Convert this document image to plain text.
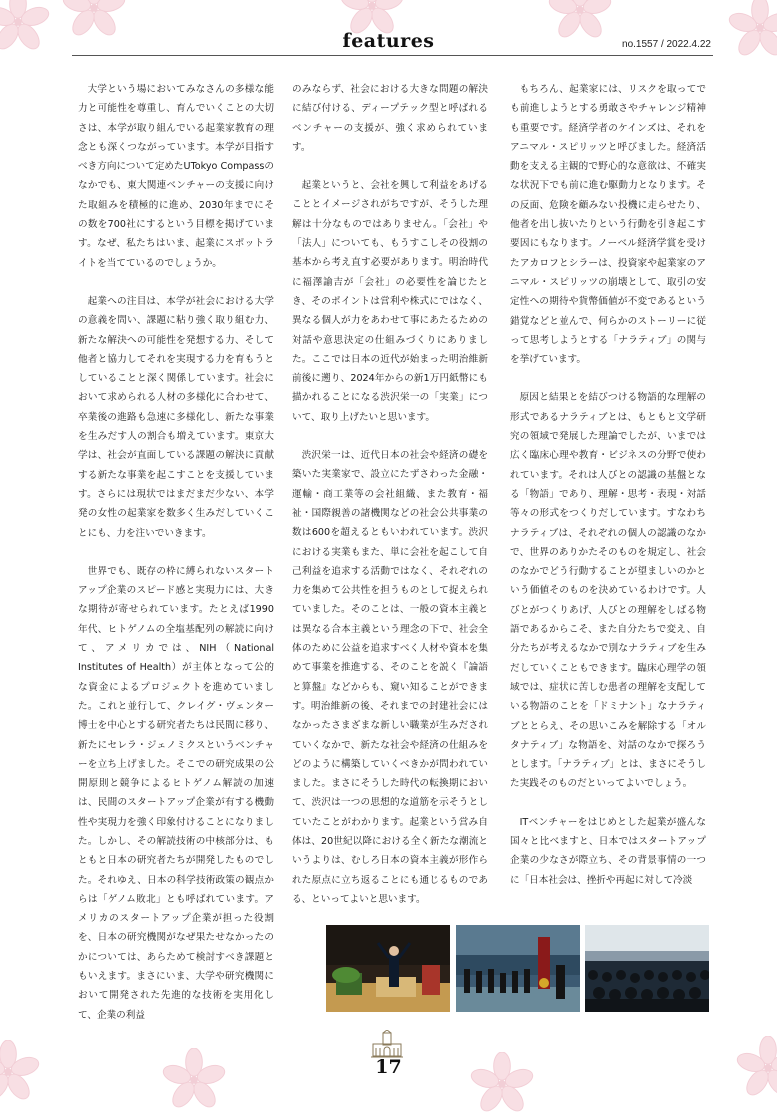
features	no.1557 / 2022.4.22

大学という場においてみなさんの多様な能力と可能性を尊重し、育んでいくことの大切さは、本学が取り組んでいる起業家教育の理念とも深くつながっています。本学が目指すべき方向について定めたUTokyo Compassのなかでも、東大関連ベンチャーの支援に向けた取組みを積極的に進め、2030年までにその数を700社にするという目標を掲げています。なぜ、私たちはいま、起業にスポットライトを当てているのでしょうか。

起業への注目は、本学が社会における大学の意義を問い、課題に粘り強く取り組む力、新たな解決への可能性を発想する力、そして他者と協力してそれを実現する力を育もうとしていることと深く関係しています。社会において求められる人材の多様化に合わせて、卒業後の進路も急速に多様化し、新たな事業を生みだす人の割合も増えています。東京大学は、社会が直面している課題の解決に貢献する新たな事業を起こすことを支援しています。さらには現状ではまだまだ少ない、本学発の女性の起業家を数多く生みだしていくことにも、力を注いでいきます。

世界でも、既存の枠に縛られないスタートアップ企業のスピード感と実現力には、大きな期待が寄せられています。たとえば1990年代、ヒトゲノムの全塩基配列の解読に向けて、アメリカでは、NIH（National Institutes of Health）が主体となって公的な資金によるプロジェクトを進めていました。これと並行して、クレイグ・ヴェンター博士を中心とする研究者たちは民間に移り、新たにセレラ・ジェノミクスというベンチャーを立ち上げました。そこでの研究成果の公開原則と競争によるヒトゲノム解読の加速は、民間のスタートアップ企業が有する機動性や実現力を強く印象付けることになりました。しかし、その解読技術の中核部分は、もともと日本の研究者たちが開発したものでした。それゆえ、日本の科学技術政策の観点からは「ゲノム敗北」とも呼ばれています。アメリカのスタートアップ企業が担った役割を、日本の研究機関がなぜ果たせなかったのかについては、あらためて検討すべき課題ともいえます。まさにいま、大学や研究機関において開発された先進的な技術を実用化して、企業の利益

のみならず、社会における大きな問題の解決に結び付ける、ディープテック型と呼ばれるベンチャーの支援が、強く求められています。

起業というと、会社を興して利益をあげることとイメージされがちですが、そうした理解は十分なものではありません。「会社」や「法人」についても、もうすこしその役割の基本から考え直す必要があります。明治時代に福澤諭吉が「会社」の必要性を論じたとき、そのポイントは営利や株式にではなく、異なる個人が力をあわせて事にあたるための対話や意思決定の仕組みづくりにありました。ここでは日本の近代が始まった明治維新前後に遡り、2024年からの新1万円紙幣にも描かれることになる渋沢栄一の「実業」について、取り上げたいと思います。

渋沢栄一は、近代日本の社会や経済の礎を築いた実業家で、設立にたずさわった金融・運輸・商工業等の会社組織、また教育・福祉・国際親善の諸機関などの社会公共事業の数は600を超えるともいわれています。渋沢における実業もまた、単に会社を起こして自己利益を追求する活動ではなく、それぞれの力を集めて公共性を担うものとして捉えられていました。そのことは、一般の資本主義とは異なる合本主義という理念の下で、社会全体のために公益を追求すべく人材や資本を集めて事業を推進する、そのことを説く『論語と算盤』などからも、窺い知ることができます。明治維新の後、それまでの封建社会にはなかったさまざまな新しい職業が生みだされていくなかで、新たな社会や経済の仕組みをどのように構築していくべきかが問われていました。まさにそうした時代の転換期において、渋沢は一つの思想的な道筋を示そうとしていたことがわかります。起業という営み自体は、20世紀以降における全く新たな潮流というよりは、むしろ日本の資本主義が形作られた原点に立ち返ることにも通じるものである、といってよいと思います。

もちろん、起業家には、リスクを取ってでも前進しようとする勇敢さやチャレンジ精神も重要です。経済学者のケインズは、それをアニマル・スピリッツと呼びました。経済活動を支える主観的で野心的な意欲は、不確実な状況下でも前に進む駆動力となります。その反面、危険を顧みない投機に走らせたり、他者を出し抜いたりという行動を引き起こす要因にもなります。ノーベル経済学賞を受けたアカロフとシラーは、投資家や起業家のアニマル・スピリッツの崩壊として、取引の安定性への期待や貨幣価値が不変であるという錯覚などと並んで、何らかのストーリーに従って思考しようとする「ナラティブ」の関与を挙げています。

原因と結果とを結びつける物語的な理解の形式であるナラティブとは、もともと文学研究の領域で発展した理論でしたが、いまでは広く臨床心理や教育・ビジネスの分野で使われています。それは人びとの認識の基盤となる「物語」であり、理解・思考・表現・対話等々の形式をつくりだしています。すなわちナラティブは、それぞれの個人の認識のなかで、世界のありかたそのものを規定し、社会のなかでどう行動することが望ましいのかという価値そのものを決めているわけです。人びとがつくりあげ、人びとの理解をしばる物語であるからこそ、また自分たちで変え、自分たちが考えるなかで別なナラティブを生みだしていくこともできます。臨床心理学の領域では、症状に苦しむ患者の理解を支配している物語のことを「ドミナント」なナラティブととらえ、その思いこみを解除する「オルタナティブ」な物語を、対話のなかで探ろうとします。「ナラティブ」とは、まさにそうした実践そのものだといってよいでしょう。

ITベンチャーをはじめとした起業が盛んな国々と比べますと、日本ではスタートアップ企業の少なさが際立ち、その背景事情の一つに「日本社会は、挫折や再起に対して冷淡

17
